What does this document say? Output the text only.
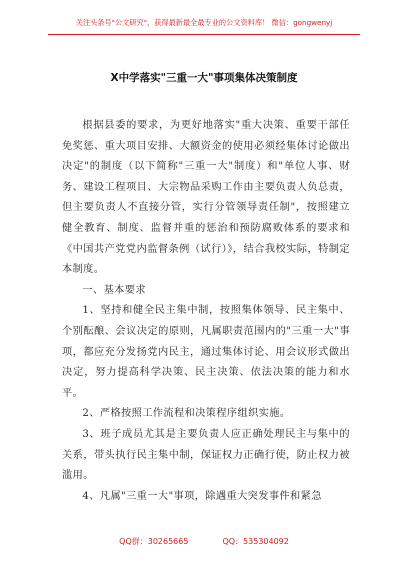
关注头条号"公文研究"，获得最新最全最专业的公文资料库！ 微信：gongwenyj
X中学落实"三重一大"事项集体决策制度

根据县委的要求，为更好地落实"重大决策、重要干部任免奖惩、重大项目安排、大额资金的使用必须经集体讨论做出决定"的制度（以下简称"三重一大"制度）和"单位人事、财务、建设工程项目、大宗物品采购工作由主要负责人负总责，但主要负责人不直接分管，实行分管领导责任制"，按照建立健全教育、制度、监督并重的惩治和预防腐败体系的要求和《中国共产党党内监督条例（试行）》，结合我校实际，特制定本制度。

一、基本要求

1、坚持和健全民主集中制，按照集体领导、民主集中、个别酝酿、会议决定的原则，凡属职责范围内的"三重一大"事项，都应充分发扬党内民主，通过集体讨论、用会议形式做出决定，努力提高科学决策、民主决策、依法决策的能力和水平。

2、严格按照工作流程和决策程序组织实施。

3、班子成员尤其是主要负责人应正确处理民主与集中的关系，带头执行民主集中制，保证权力正确行使，防止权力被滥用。

4、凡属"三重一大"事项，除遇重大突发事件和紧急

QQ群：30265665	QQ：535304092
